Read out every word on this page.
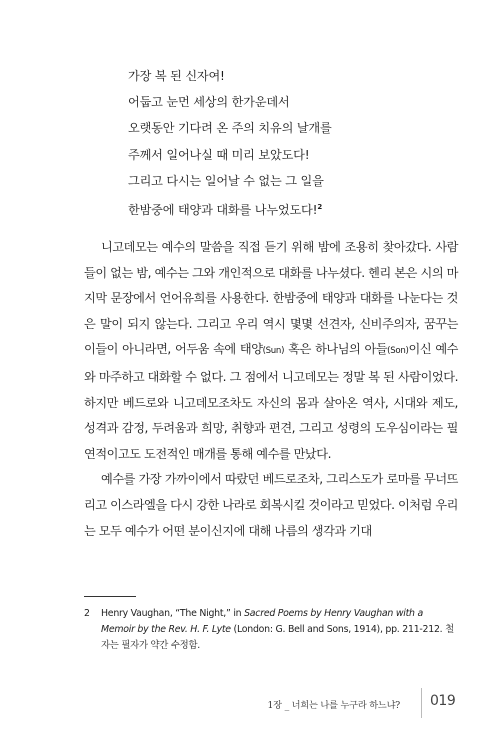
가장 복 된 신자여!
어둡고 눈먼 세상의 한가운데서
오랫동안 기다려 온 주의 치유의 날개를
주께서 일어나실 때 미리 보았도다!
그리고 다시는 일어날 수 없는 그 일을
한밤중에 태양과 대화를 나누었도다!$^2$

니고데모는 예수의 말씀을 직접 듣기 위해 밤에 조용히 찾아갔다. 사람들이 없는 밤, 예수는 그와 개인적으로 대화를 나누셨다. 헨리 본은 시의 마지막 문장에서 언어유희를 사용한다. 한밤중에 태양과 대화를 나눈다는 것은 말이 되지 않는다. 그리고 우리 역시 몇몇 선견자, 신비주의자, 꿈꾸는 이들이 아니라면, 어두움 속에 태양(Sun) 혹은 하나님의 아들(Son)이신 예수와 마주하고 대화할 수 없다. 그 점에서 니고데모는 정말 복 된 사람이었다. 하지만 베드로와 니고데모조차도 자신의 몸과 살아온 역사, 시대와 제도, 성격과 감정, 두려움과 희망, 취향과 편견, 그리고 성령의 도우심이라는 필연적이고도 도전적인 매개를 통해 예수를 만났다.

예수를 가장 가까이에서 따랐던 베드로조차, 그리스도가 로마를 무너뜨리고 이스라엘을 다시 강한 나라로 회복시킬 것이라고 믿었다. 이처럼 우리는 모두 예수가 어떤 분이신지에 대해 나름의 생각과 기대

2 Henry Vaughan, “The Night,” in Sacred Poems by Henry Vaughan with a Memoir by the Rev. H. F. Lyte (London: G. Bell and Sons, 1914), pp. 211-212. 철자는 필자가 약간 수정함.
1장 _ 너희는 나를 누구라 하느냐? 019
